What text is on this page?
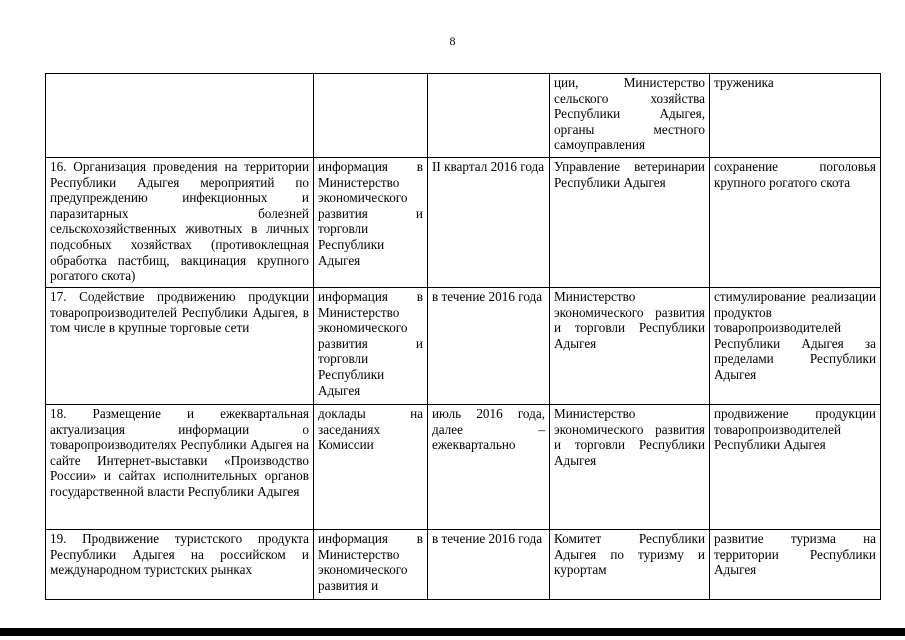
8
			ции, Министерство сельского хозяйства Республики Адыгея, органы местного самоуправления	труженика
16. Организация проведения на территории Республики Адыгея мероприятий по предупреждению инфекционных и паразитарных болезней сельскохозяйственных животных в личных подсобных хозяйствах (противоклещная обработка пастбищ, вакцинация крупного рогатого скота)	информация в Министерство экономического развития и торговли Республики Адыгея	II квартал 2016 года	Управление ветеринарии Республики Адыгея	сохранение поголовья крупного рогатого скота
17. Содействие продвижению продукции товаропроизводителей Республики Адыгея, в том числе в крупные торговые сети	информация в Министерство экономического развития и торговли Республики Адыгея	в течение 2016 года	Министерство экономического развития и торговли Республики Адыгея	стимулирование реализации продуктов товаропроизводителей Республики Адыгея за пределами Республики Адыгея
18. Размещение и ежеквартальная актуализация информации о товаропроизводителях Республики Адыгея на сайте Интернет-выставки «Производство России» и сайтах исполнительных органов государственной власти Республики Адыгея	доклады на заседаниях Комиссии	июль 2016 года, далее – ежеквартально	Министерство экономического развития и торговли Республики Адыгея	продвижение продукции товаропроизводителей Республики Адыгея
19. Продвижение туристского продукта Республики Адыгея на российском и международном туристских рынках	информация в Министерство экономического развития и	в течение 2016 года	Комитет Республики Адыгея по туризму и курортам	развитие туризма на территории Республики Адыгея
